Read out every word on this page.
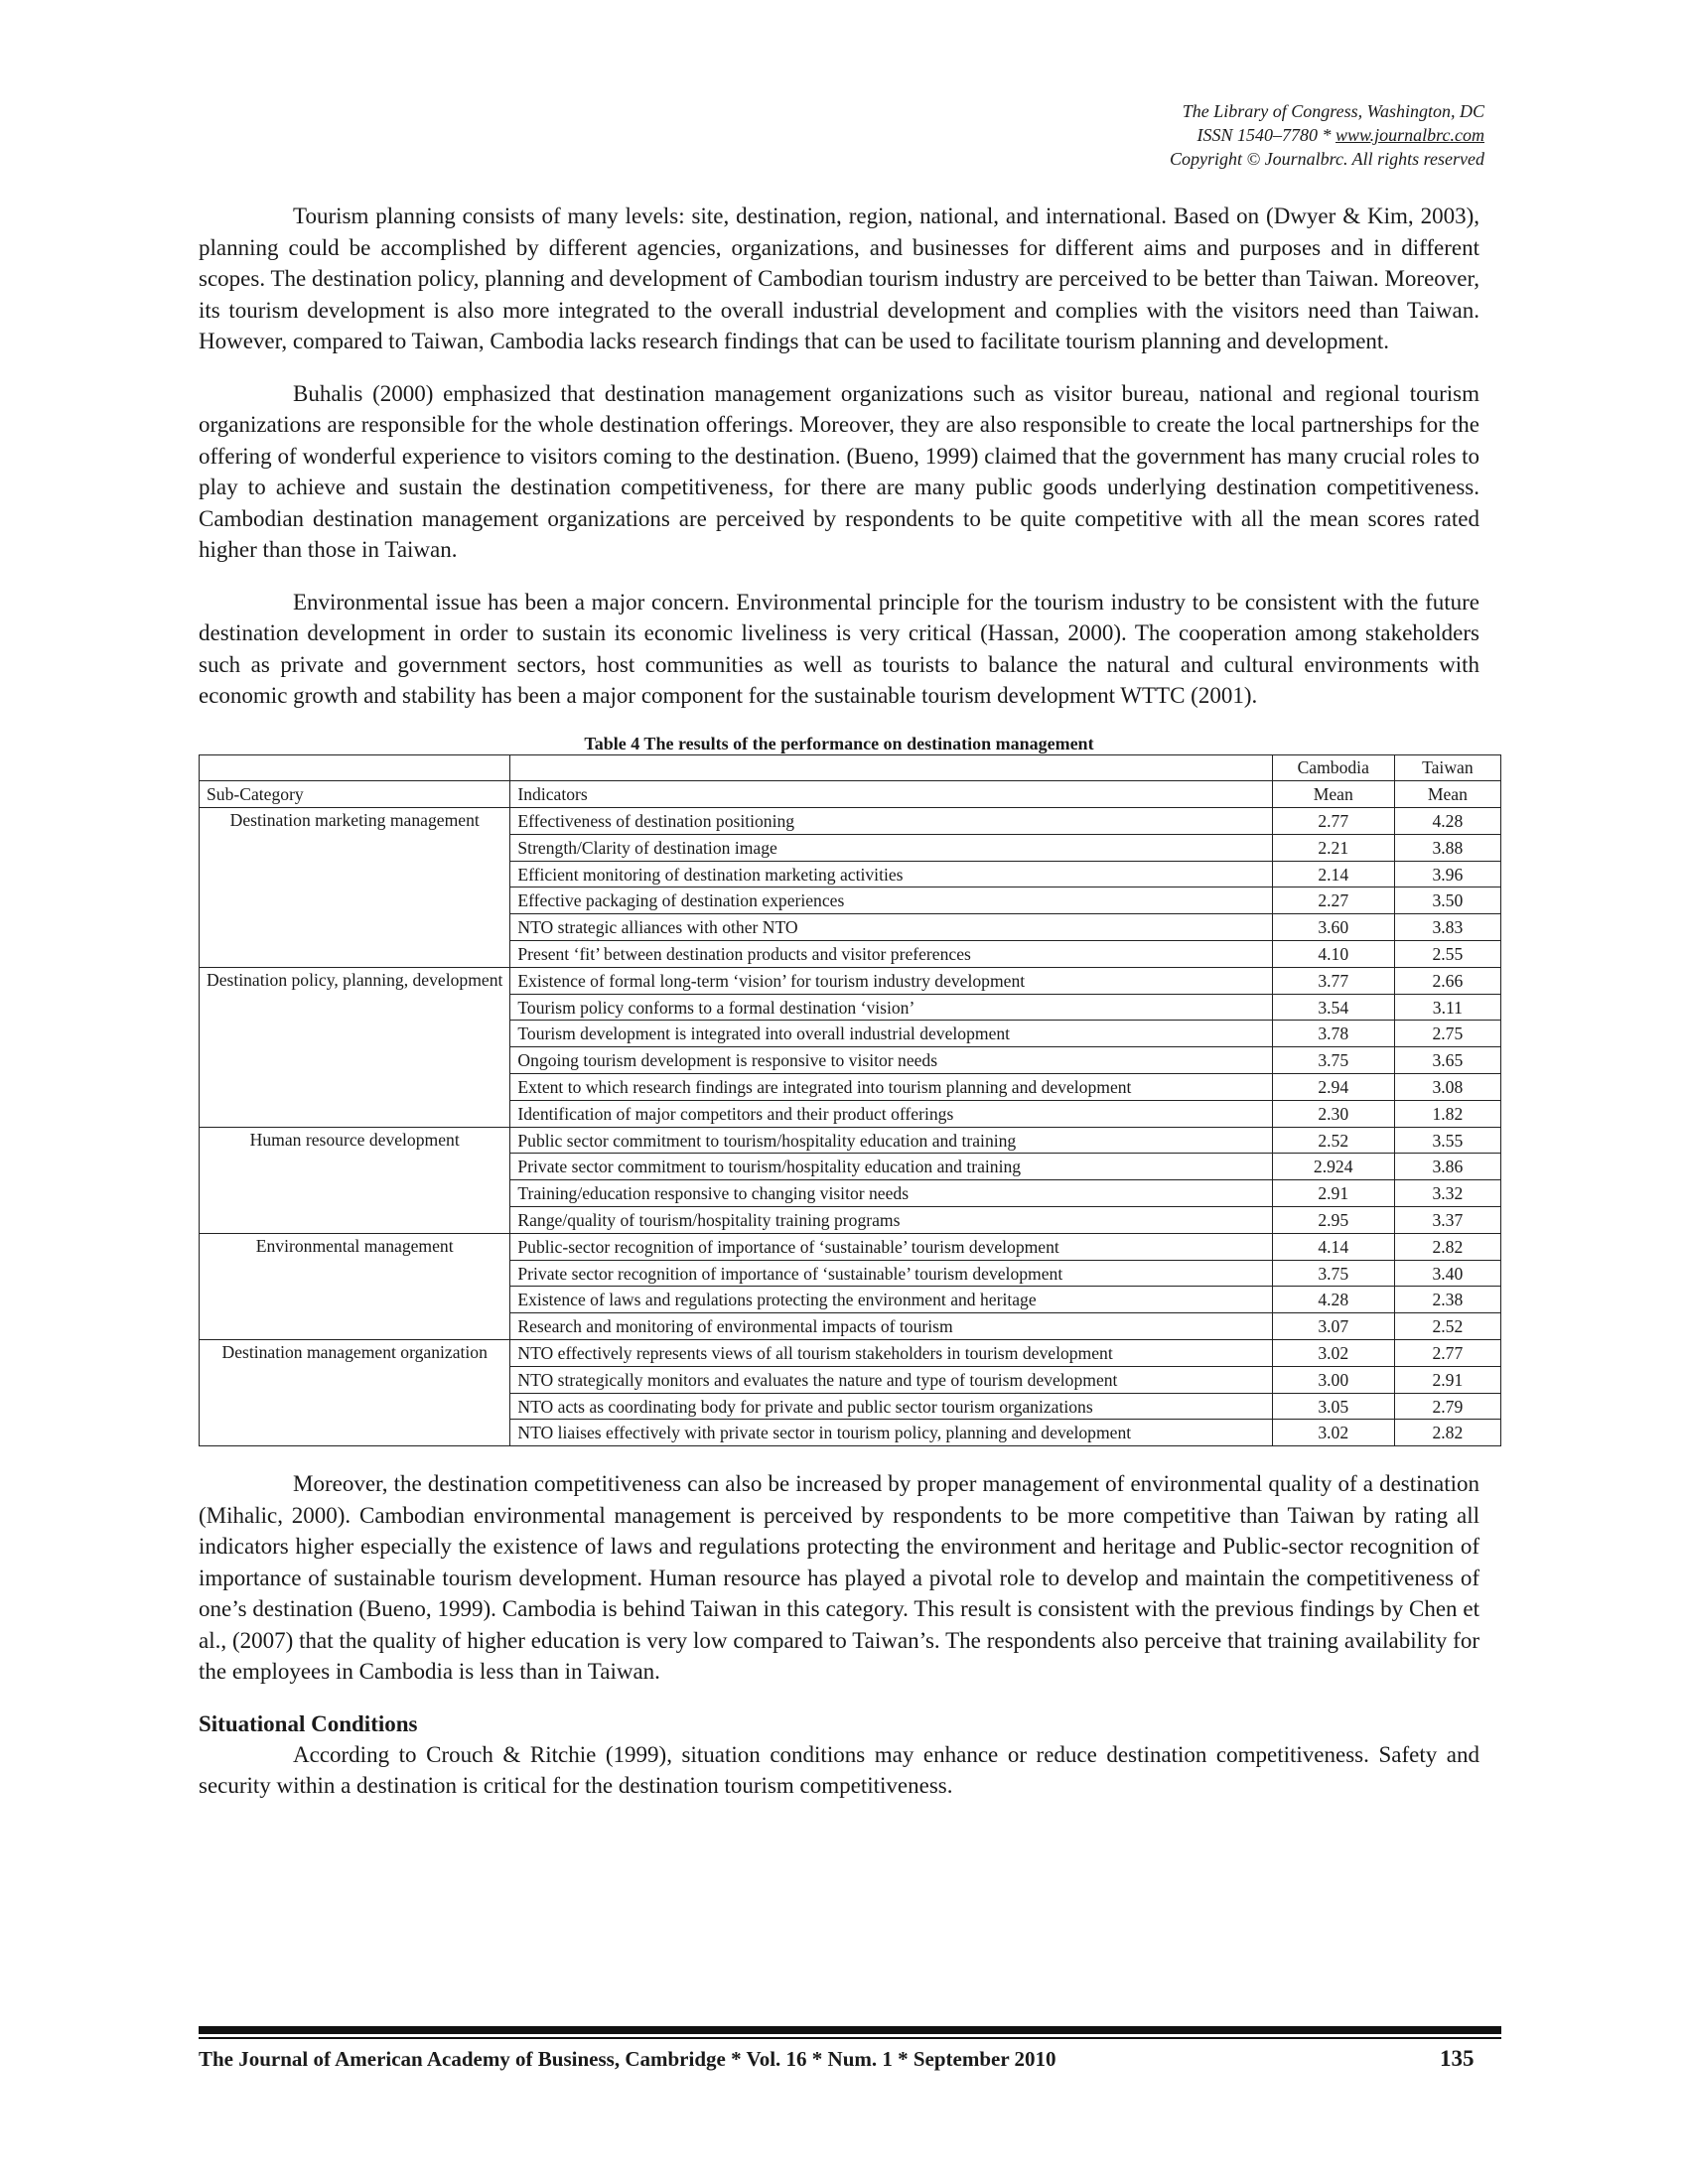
The Library of Congress, Washington, DC
ISSN 1540–7780 * www.journalbrc.com
Copyright © Journalbrc. All rights reserved

Tourism planning consists of many levels: site, destination, region, national, and international. Based on (Dwyer & Kim, 2003), planning could be accomplished by different agencies, organizations, and businesses for different aims and purposes and in different scopes. The destination policy, planning and development of Cambodian tourism industry are perceived to be better than Taiwan. Moreover, its tourism development is also more integrated to the overall industrial development and complies with the visitors need than Taiwan. However, compared to Taiwan, Cambodia lacks research findings that can be used to facilitate tourism planning and development.

Buhalis (2000) emphasized that destination management organizations such as visitor bureau, national and regional tourism organizations are responsible for the whole destination offerings. Moreover, they are also responsible to create the local partnerships for the offering of wonderful experience to visitors coming to the destination. (Bueno, 1999) claimed that the government has many crucial roles to play to achieve and sustain the destination competitiveness, for there are many public goods underlying destination competitiveness. Cambodian destination management organizations are perceived by respondents to be quite competitive with all the mean scores rated higher than those in Taiwan.

Environmental issue has been a major concern. Environmental principle for the tourism industry to be consistent with the future destination development in order to sustain its economic liveliness is very critical (Hassan, 2000). The cooperation among stakeholders such as private and government sectors, host communities as well as tourists to balance the natural and cultural environments with economic growth and stability has been a major component for the sustainable tourism development WTTC (2001).

Table 4 The results of the performance on destination management
		Cambodia	Taiwan
Sub-Category	Indicators	Mean	Mean
Destination marketing management	Effectiveness of destination positioning	2.77	4.28
	Strength/Clarity of destination image	2.21	3.88
	Efficient monitoring of destination marketing activities	2.14	3.96
	Effective packaging of destination experiences	2.27	3.50
	NTO strategic alliances with other NTO	3.60	3.83
	Present ‘fit’ between destination products and visitor preferences	4.10	2.55
Destination policy, planning, development	Existence of formal long-term ‘vision’ for tourism industry development	3.77	2.66
	Tourism policy conforms to a formal destination ‘vision’	3.54	3.11
	Tourism development is integrated into overall industrial development	3.78	2.75
	Ongoing tourism development is responsive to visitor needs	3.75	3.65
	Extent to which research findings are integrated into tourism planning and development	2.94	3.08
	Identification of major competitors and their product offerings	2.30	1.82
Human resource development	Public sector commitment to tourism/hospitality education and training	2.52	3.55
	Private sector commitment to tourism/hospitality education and training	2.924	3.86
	Training/education responsive to changing visitor needs	2.91	3.32
	Range/quality of tourism/hospitality training programs	2.95	3.37
Environmental management	Public-sector recognition of importance of ‘sustainable’ tourism development	4.14	2.82
	Private sector recognition of importance of ‘sustainable’ tourism development	3.75	3.40
	Existence of laws and regulations protecting the environment and heritage	4.28	2.38
	Research and monitoring of environmental impacts of tourism	3.07	2.52
Destination management organization	NTO effectively represents views of all tourism stakeholders in tourism development	3.02	2.77
	NTO strategically monitors and evaluates the nature and type of tourism development	3.00	2.91
	NTO acts as coordinating body for private and public sector tourism organizations	3.05	2.79
	NTO liaises effectively with private sector in tourism policy, planning and development	3.02	2.82

Moreover, the destination competitiveness can also be increased by proper management of environmental quality of a destination (Mihalic, 2000). Cambodian environmental management is perceived by respondents to be more competitive than Taiwan by rating all indicators higher especially the existence of laws and regulations protecting the environment and heritage and Public-sector recognition of importance of sustainable tourism development. Human resource has played a pivotal role to develop and maintain the competitiveness of one’s destination (Bueno, 1999). Cambodia is behind Taiwan in this category. This result is consistent with the previous findings by Chen et al., (2007) that the quality of higher education is very low compared to Taiwan’s. The respondents also perceive that training availability for the employees in Cambodia is less than in Taiwan.

Situational Conditions

According to Crouch & Ritchie (1999), situation conditions may enhance or reduce destination competitiveness. Safety and security within a destination is critical for the destination tourism competitiveness.

The Journal of American Academy of Business, Cambridge * Vol. 16 * Num. 1 * September 2010	135
